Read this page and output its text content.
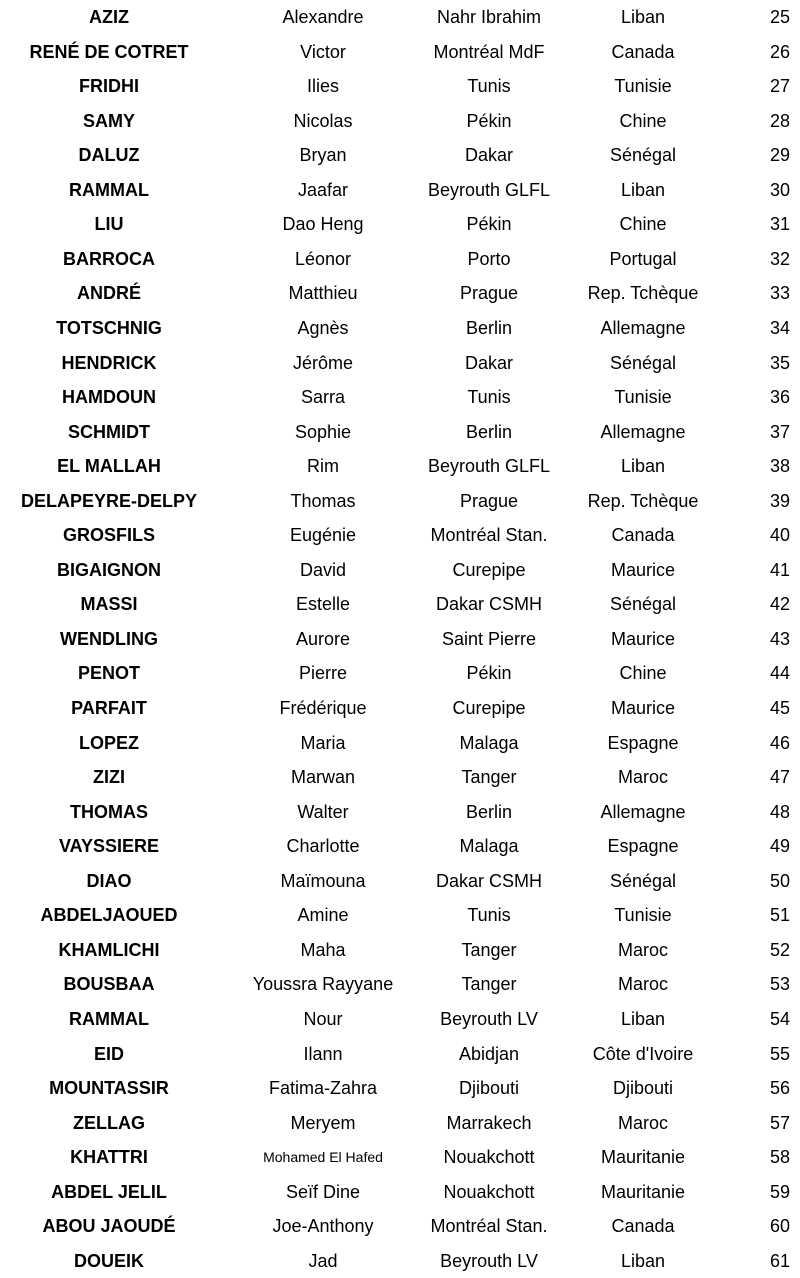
AZIZ	Alexandre	Nahr Ibrahim	Liban	25
RENÉ DE COTRET	Victor	Montréal MdF	Canada	26
FRIDHI	Ilies	Tunis	Tunisie	27
SAMY	Nicolas	Pékin	Chine	28
DALUZ	Bryan	Dakar	Sénégal	29
RAMMAL	Jaafar	Beyrouth GLFL	Liban	30
LIU	Dao Heng	Pékin	Chine	31
BARROCA	Léonor	Porto	Portugal	32
ANDRÉ	Matthieu	Prague	Rep. Tchèque	33
TOTSCHNIG	Agnès	Berlin	Allemagne	34
HENDRICK	Jérôme	Dakar	Sénégal	35
HAMDOUN	Sarra	Tunis	Tunisie	36
SCHMIDT	Sophie	Berlin	Allemagne	37
EL MALLAH	Rim	Beyrouth GLFL	Liban	38
DELAPEYRE-DELPY	Thomas	Prague	Rep. Tchèque	39
GROSFILS	Eugénie	Montréal Stan.	Canada	40
BIGAIGNON	David	Curepipe	Maurice	41
MASSI	Estelle	Dakar CSMH	Sénégal	42
WENDLING	Aurore	Saint Pierre	Maurice	43
PENOT	Pierre	Pékin	Chine	44
PARFAIT	Frédérique	Curepipe	Maurice	45
LOPEZ	Maria	Malaga	Espagne	46
ZIZI	Marwan	Tanger	Maroc	47
THOMAS	Walter	Berlin	Allemagne	48
VAYSSIERE	Charlotte	Malaga	Espagne	49
DIAO	Maïmouna	Dakar CSMH	Sénégal	50
ABDELJAOUED	Amine	Tunis	Tunisie	51
KHAMLICHI	Maha	Tanger	Maroc	52
BOUSBAA	Youssra Rayyane	Tanger	Maroc	53
RAMMAL	Nour	Beyrouth LV	Liban	54
EID	Ilann	Abidjan	Côte d'Ivoire	55
MOUNTASSIR	Fatima-Zahra	Djibouti	Djibouti	56
ZELLAG	Meryem	Marrakech	Maroc	57
KHATTRI	Mohamed El Hafed	Nouakchott	Mauritanie	58
ABDEL JELIL	Seïf Dine	Nouakchott	Mauritanie	59
ABOU JAOUDÉ	Joe-Anthony	Montréal Stan.	Canada	60
DOUEIK	Jad	Beyrouth LV	Liban	61
